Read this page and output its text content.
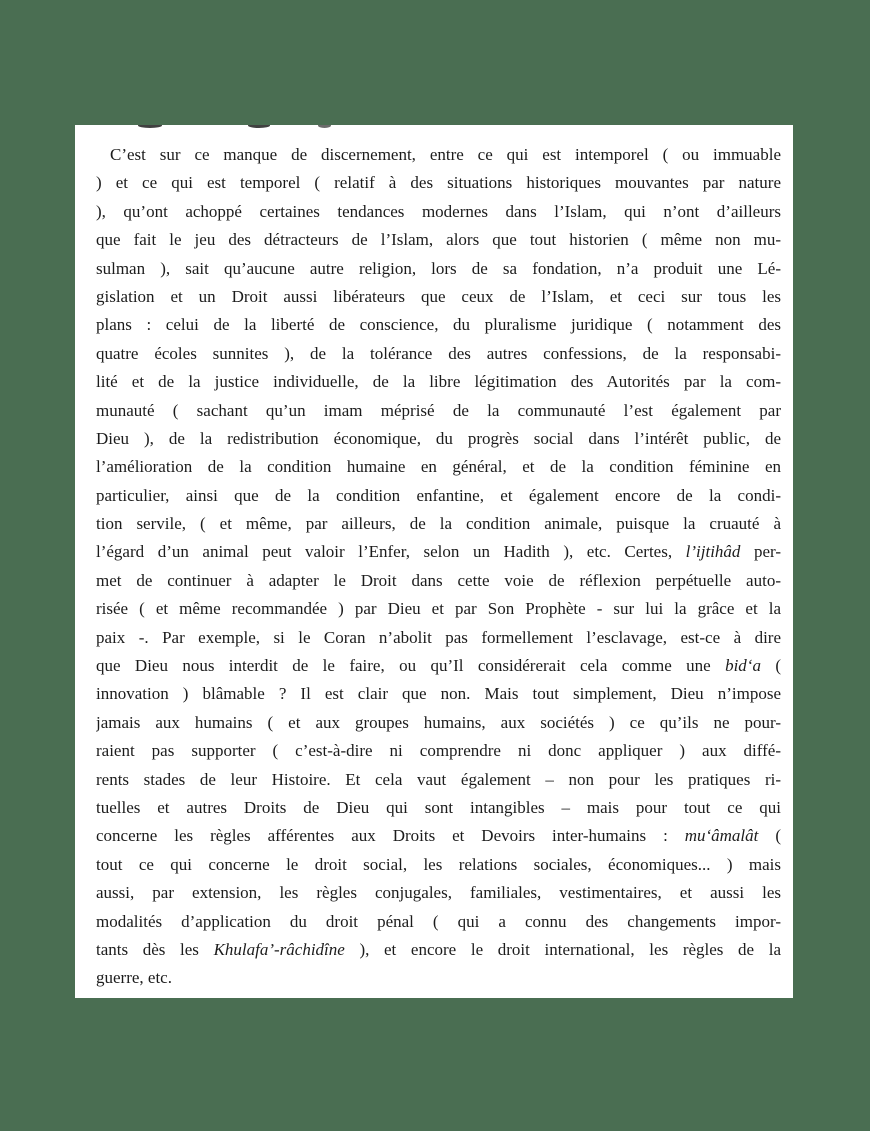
C’est sur ce manque de discernement, entre ce qui est intemporel ( ou immuable
) et ce qui est temporel ( relatif à des situations historiques mouvantes par nature
), qu’ont achoppé certaines tendances modernes dans l’Islam, qui n’ont d’ailleurs
que fait le jeu des détracteurs de l’Islam, alors que tout historien ( même non mu-
sulman ), sait qu’aucune autre religion, lors de sa fondation, n’a produit une Lé-
gislation et un Droit aussi libérateurs que ceux de l’Islam, et ceci sur tous les
plans : celui de la liberté de conscience, du pluralisme juridique ( notamment des
quatre écoles sunnites ), de la tolérance des autres confessions, de la responsabi-
lité et de la justice individuelle, de la libre légitimation des Autorités par la com-
munauté ( sachant qu’un imam méprisé de la communauté l’est également par
Dieu ), de la redistribution économique, du progrès social dans l’intérêt public, de
l’amélioration de la condition humaine en général, et de la condition féminine en
particulier, ainsi que de la condition enfantine, et également encore de la condi-
tion servile, ( et même, par ailleurs, de la condition animale, puisque la cruauté à
l’égard d’un animal peut valoir l’Enfer, selon un Hadith ), etc. Certes, l’ijtihâd per-
met de continuer à adapter le Droit dans cette voie de réflexion perpétuelle auto-
risée ( et même recommandée ) par Dieu et par Son Prophète - sur lui la grâce et la
paix -. Par exemple, si le Coran n’abolit pas formellement l’esclavage, est-ce à dire
que Dieu nous interdit de le faire, ou qu’Il considérerait cela comme une bid‘a (
innovation ) blâmable ? Il est clair que non. Mais tout simplement, Dieu n’impose
jamais aux humains ( et aux groupes humains, aux sociétés ) ce qu’ils ne pour-
raient pas supporter ( c’est-à-dire ni comprendre ni donc appliquer ) aux diffé-
rents stades de leur Histoire. Et cela vaut également – non pour les pratiques ri-
tuelles et autres Droits de Dieu qui sont intangibles – mais pour tout ce qui
concerne les règles afférentes aux Droits et Devoirs inter-humains : mu‘âmalât (
tout ce qui concerne le droit social, les relations sociales, économiques... ) mais
aussi, par extension, les règles conjugales, familiales, vestimentaires, et aussi les
modalités d’application du droit pénal ( qui a connu des changements impor-
tants dès les Khulafa’-râchidîne ), et encore le droit international, les règles de la
guerre, etc.
